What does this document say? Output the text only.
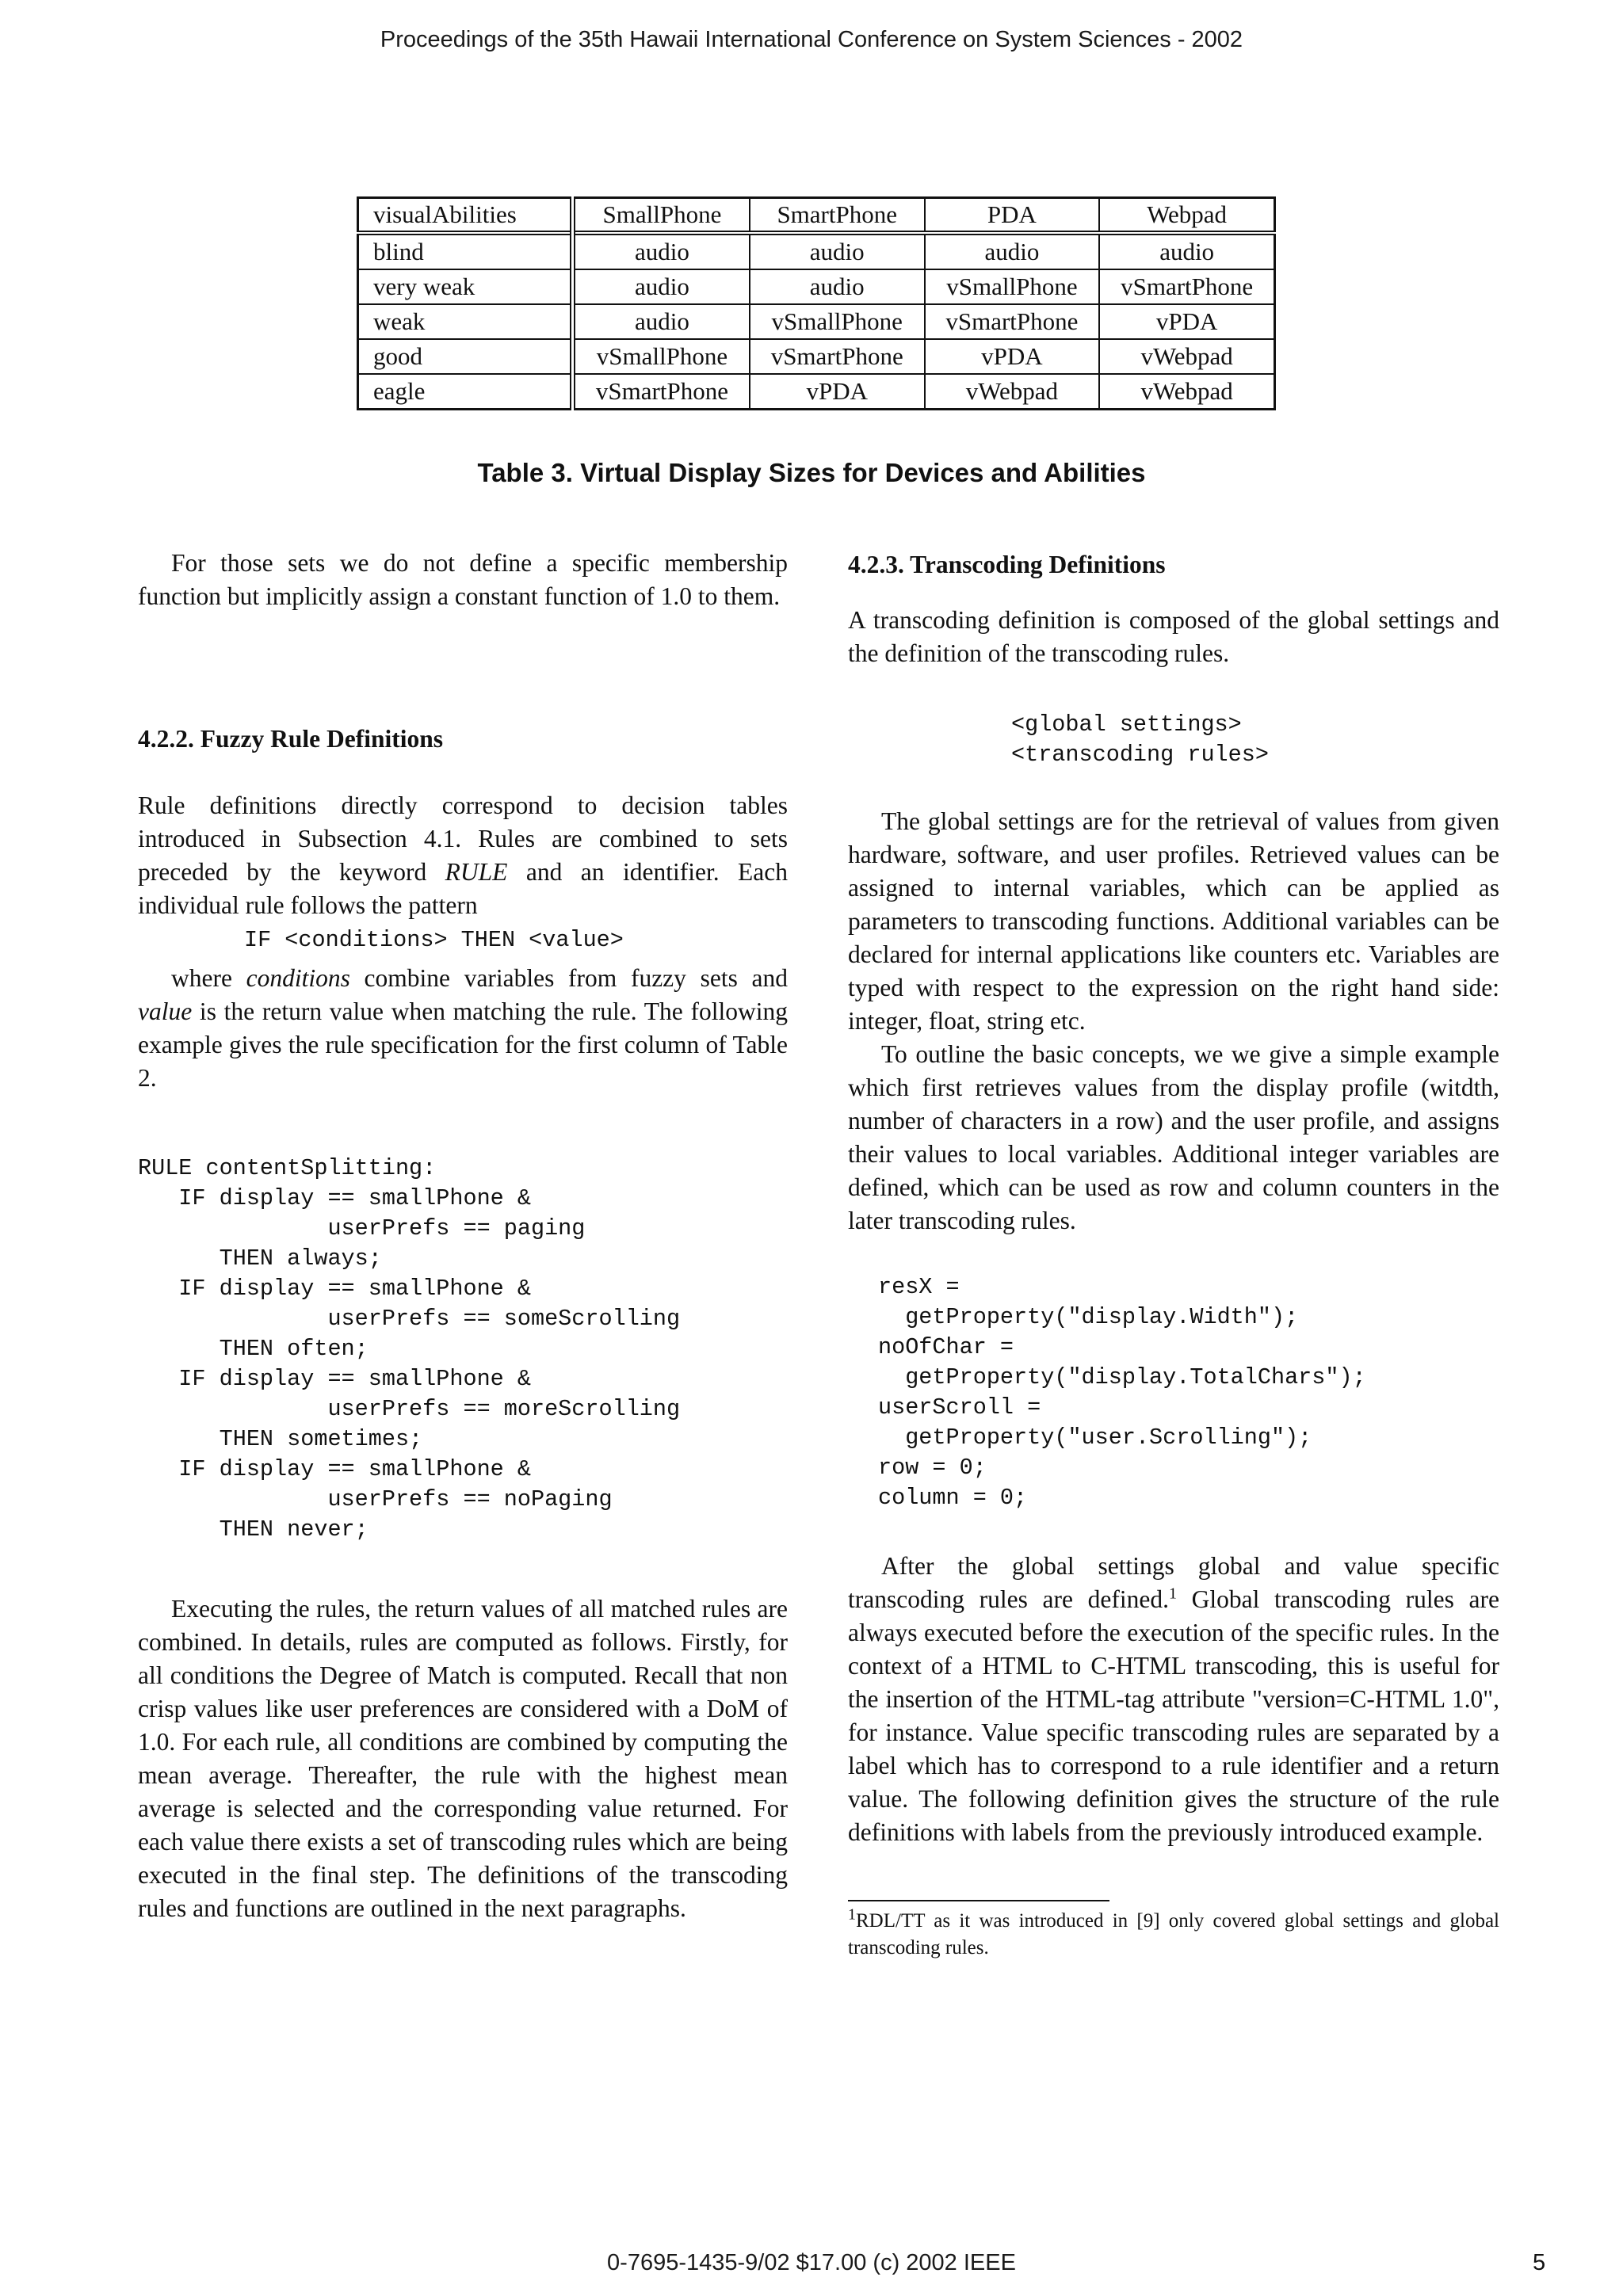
Proceedings of the 35th Hawaii International Conference on System Sciences - 2002
visualAbilities	SmallPhone	SmartPhone	PDA	Webpad
blind	audio	audio	audio	audio
very weak	audio	audio	vSmallPhone	vSmartPhone
weak	audio	vSmallPhone	vSmartPhone	vPDA
good	vSmallPhone	vSmartPhone	vPDA	vWebpad
eagle	vSmartPhone	vPDA	vWebpad	vWebpad
Table 3. Virtual Display Sizes for Devices and Abilities

For those sets we do not define a specific membership function but implicitly assign a constant function of 1.0 to them.

4.2.2. Fuzzy Rule Definitions

Rule definitions directly correspond to decision tables introduced in Subsection 4.1. Rules are combined to sets preceded by the keyword RULE and an identifier. Each individual rule follows the pattern

IF <conditions> THEN <value>

where conditions combine variables from fuzzy sets and value is the return value when matching the rule. The following example gives the rule specification for the first column of Table 2.

RULE contentSplitting:
IF display == smallPhone &
userPrefs == paging
THEN always;
IF display == smallPhone &
userPrefs == someScrolling
THEN often;
IF display == smallPhone &
userPrefs == moreScrolling
THEN sometimes;
IF display == smallPhone &
userPrefs == noPaging
THEN never;

Executing the rules, the return values of all matched rules are combined. In details, rules are computed as follows. Firstly, for all conditions the Degree of Match is computed. Recall that non crisp values like user preferences are considered with a DoM of 1.0. For each rule, all conditions are combined by computing the mean average. Thereafter, the rule with the highest mean average is selected and the corresponding value returned. For each value there exists a set of transcoding rules which are being executed in the final step. The definitions of the transcoding rules and functions are outlined in the next paragraphs.

4.2.3. Transcoding Definitions

A transcoding definition is composed of the global settings and the definition of the transcoding rules.

<global settings>
<transcoding rules>

The global settings are for the retrieval of values from given hardware, software, and user profiles. Retrieved values can be assigned to internal variables, which can be applied as parameters to transcoding functions. Additional variables can be declared for internal applications like counters etc. Variables are typed with respect to the expression on the right hand side: integer, float, string etc.

To outline the basic concepts, we we give a simple example which first retrieves values from the display profile (witdth, number of characters in a row) and the user profile, and assigns their values to local variables. Additional integer variables are defined, which can be used as row and column counters in the later transcoding rules.

resX =
getProperty("display.Width");
noOfChar =
getProperty("display.TotalChars");
userScroll =
getProperty("user.Scrolling");
row = 0;
column = 0;

After the global settings global and value specific transcoding rules are defined.$^1$ Global transcoding rules are always executed before the execution of the specific rules. In the context of a HTML to C-HTML transcoding, this is useful for the insertion of the HTML-tag attribute "version=C-HTML 1.0", for instance. Value specific transcoding rules are separated by a label which has to correspond to a rule identifier and a return value. The following definition gives the structure of the rule definitions with labels from the previously introduced example.

$^1$RDL/TT as it was introduced in [9] only covered global settings and global transcoding rules.
0-7695-1435-9/02 $17.00 (c) 2002 IEEE	5
